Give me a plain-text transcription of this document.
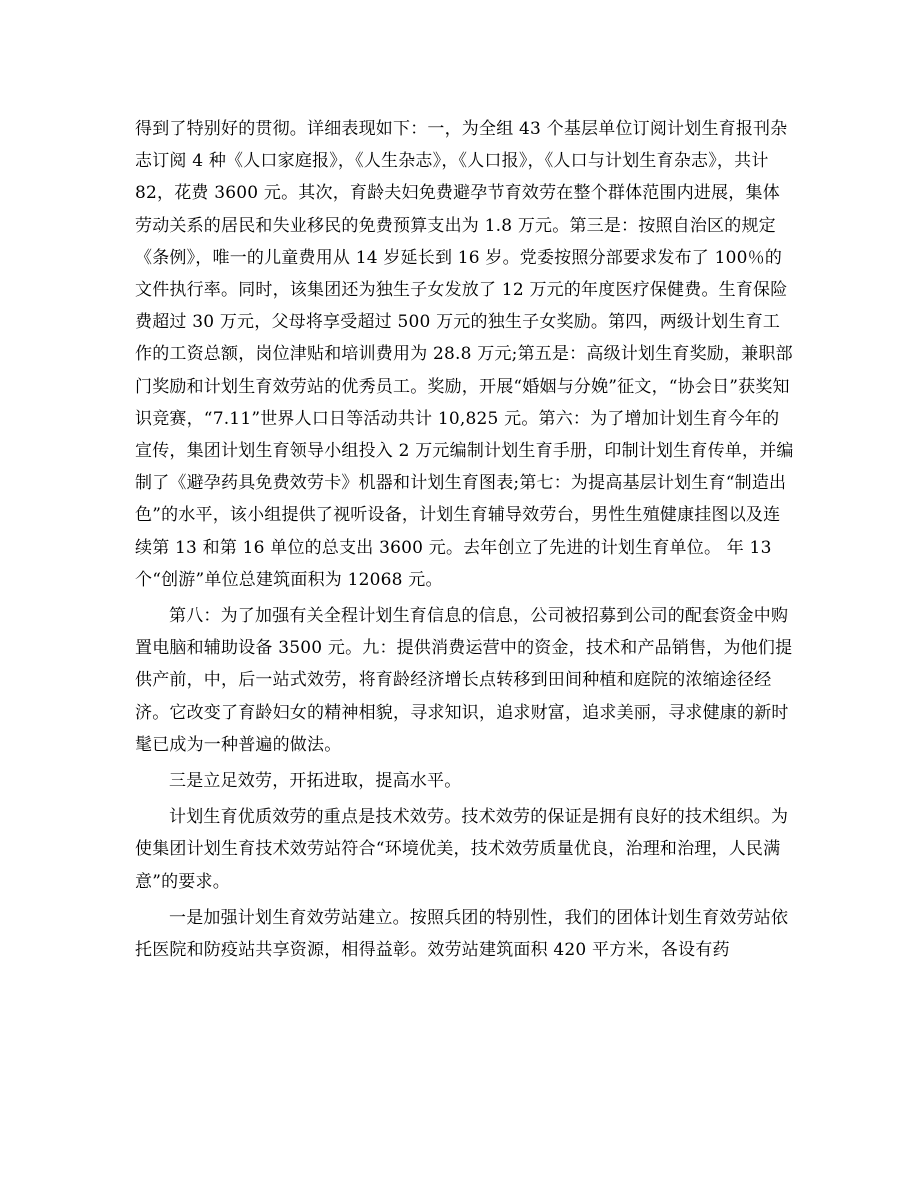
得到了特别好的贯彻。详细表现如下：一，为全组 43 个基层单位订阅计划生育报刊杂志订阅 4 种《人口家庭报》，《人生杂志》，《人口报》，《人口与计划生育杂志》，共计 82，花费 3600 元。其次，育龄夫妇免费避孕节育效劳在整个群体范围内进展，集体劳动关系的居民和失业移民的免费预算支出为 1.8 万元。第三是：按照自治区的规定《条例》，唯一的儿童费用从 14 岁延长到 16 岁。党委按照分部要求发布了 100％的文件执行率。同时，该集团还为独生子女发放了 12 万元的年度医疗保健费。生育保险费超过 30 万元，父母将享受超过 500 万元的独生子女奖励。第四，两级计划生育工作的工资总额，岗位津贴和培训费用为 28.8 万元;第五是：高级计划生育奖励，兼职部门奖励和计划生育效劳站的优秀员工。奖励，开展“婚姻与分娩”征文，“协会日”获奖知识竞赛，“7.11”世界人口日等活动共计 10,825 元。第六：为了增加计划生育今年的宣传，集团计划生育领导小组投入 2 万元编制计划生育手册，印制计划生育传单，并编制了《避孕药具免费效劳卡》机器和计划生育图表;第七：为提高基层计划生育“制造出色”的水平，该小组提供了视听设备，计划生育辅导效劳台，男性生殖健康挂图以及连续第 13 和第 16 单位的总支出 3600 元。去年创立了先进的计划生育单位。 年 13 个“创游”单位总建筑面积为 12068 元。

第八：为了加强有关全程计划生育信息的信息，公司被招募到公司的配套资金中购置电脑和辅助设备 3500 元。九：提供消费运营中的资金，技术和产品销售，为他们提供产前，中，后一站式效劳，将育龄经济增长点转移到田间种植和庭院的浓缩途径经济。它改变了育龄妇女的精神相貌，寻求知识，追求财富，追求美丽，寻求健康的新时髦已成为一种普遍的做法。

三是立足效劳，开拓进取，提高水平。

计划生育优质效劳的重点是技术效劳。技术效劳的保证是拥有良好的技术组织。为使集团计划生育技术效劳站符合“环境优美，技术效劳质量优良，治理和治理，人民满意”的要求。

一是加强计划生育效劳站建立。按照兵团的特别性，我们的团体计划生育效劳站依托医院和防疫站共享资源，相得益彰。效劳站建筑面积 420 平方米，各设有药
